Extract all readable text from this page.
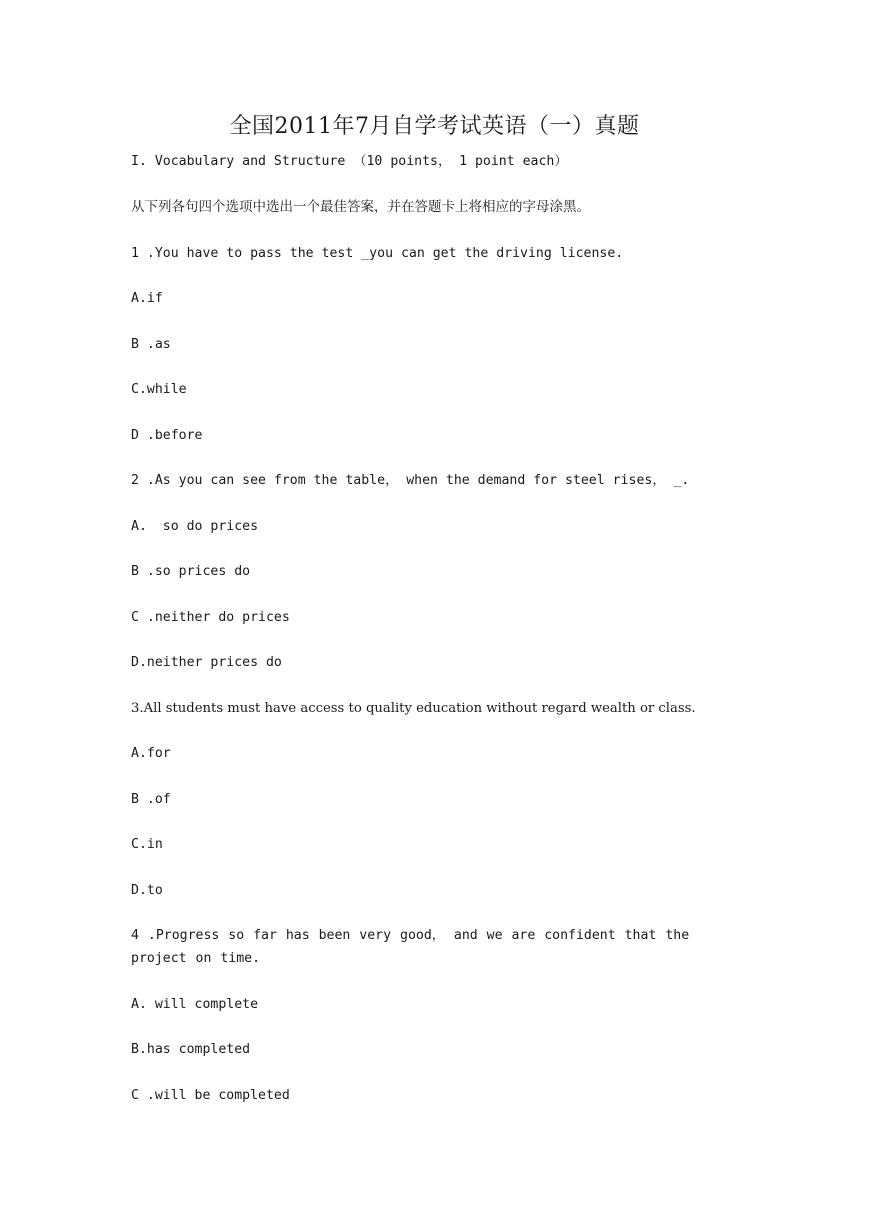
全国2011年7月自学考试英语（一）真题

I. Vocabulary and Structure （10 points， 1 point each）

从下列各句四个选项中选出一个最佳答案，并在答题卡上将相应的字母涂黑。

1 .You have to pass the test _you can get the driving license.

A.if

B .as

C.while

D .before

2 .As you can see from the table， when the demand for steel rises， _.

A.  so do prices

B .so prices do

C .neither do prices

D.neither prices do

3.All students must have access to quality education without regard wealth or class.

A.for

B .of

C.in

D.to

4 .Progress so far has been very good， and we are confident that the project on time.

A. will complete

B.has completed

C .will be completed
